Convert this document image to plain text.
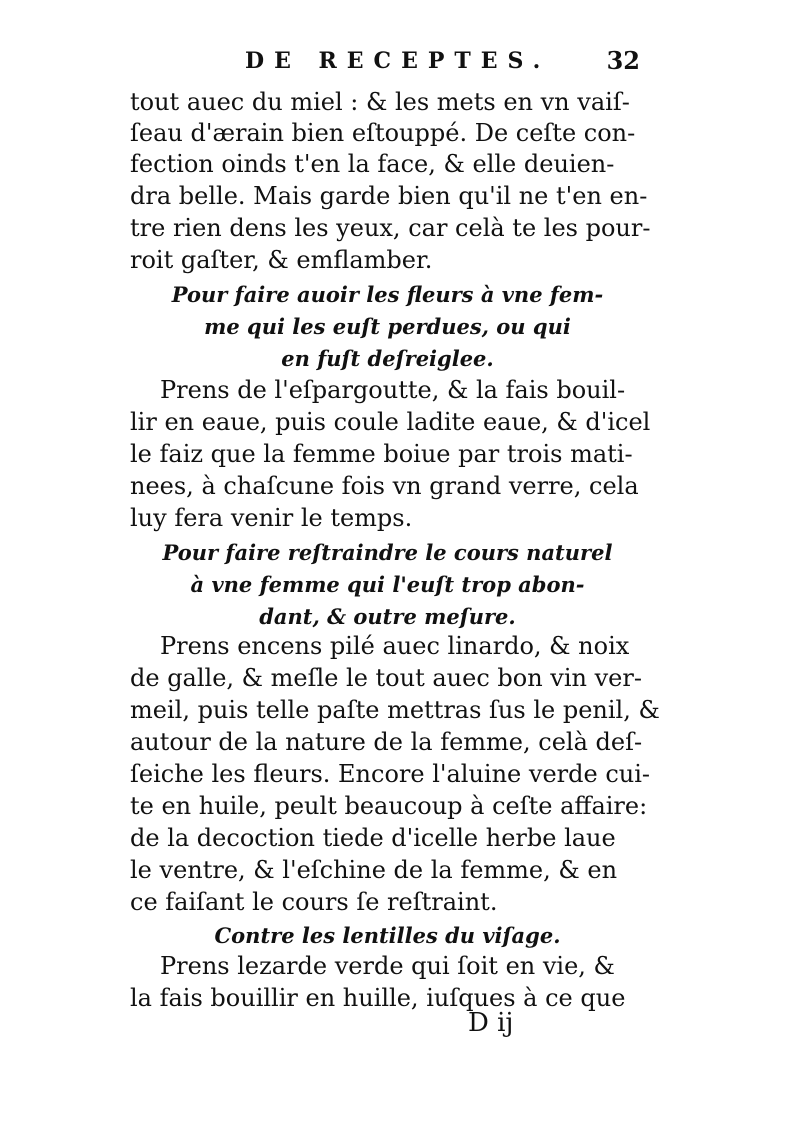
DE RECEPTES. 32
tout auec du miel : & les mets en vn vaiſ-
ſeau d'ærain bien eſtouppé. De ceſte con-
fection oinds t'en la face, & elle deuien-
dra belle. Mais garde bien qu'il ne t'en en-
tre rien dens les yeux, car celà te les pour-
roit gaſter, & emflamber.
Pour faire auoir les fleurs à vne fem-
me qui les euſt perdues, ou qui
en fuſt deſreiglee.
Prens de l'eſpargoutte, & la fais bouil-
lir en eaue, puis coule ladite eaue, & d'icel
le faiz que la femme boiue par trois mati-
nees, à chaſcune fois vn grand verre, cela
luy fera venir le temps.
Pour faire reſtraindre le cours naturel
à vne femme qui l'euſt trop abon-
dant, & outre meſure.
Prens encens pilé auec linardo, & noix
de galle, & meſle le tout auec bon vin ver-
meil, puis telle paſte mettras ſus le penil, &
autour de la nature de la femme, celà deſ-
ſeiche les fleurs. Encore l'aluine verde cui-
te en huile, peult beaucoup à ceſte affaire:
de la decoction tiede d'icelle herbe laue
le ventre, & l'eſchine de la femme, & en
ce faiſant le cours ſe reſtraint.
Contre les lentilles du viſage.
Prens lezarde verde qui ſoit en vie, &
la fais bouillir en huille, iuſques à ce que
D ij
